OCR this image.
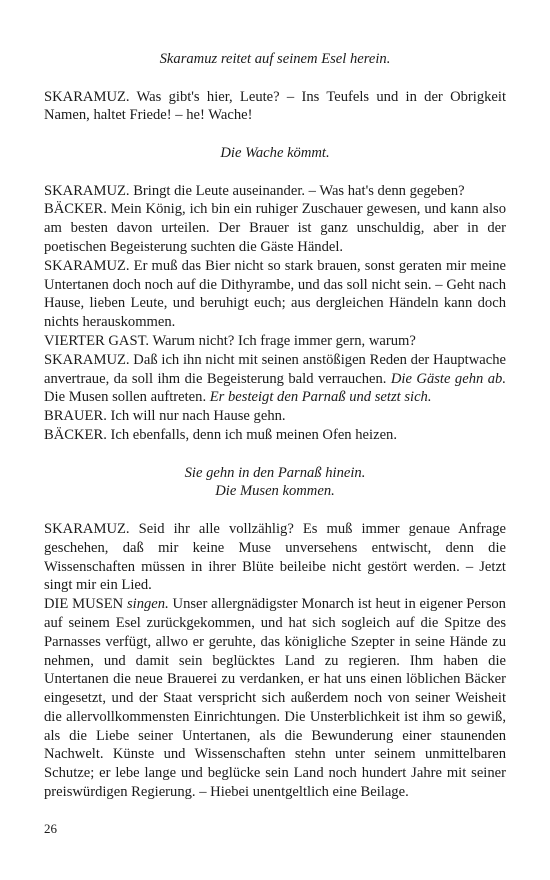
Skaramuz reitet auf seinem Esel herein.

SKARAMUZ. Was gibt's hier, Leute? – Ins Teufels und in der Obrigkeit Namen, haltet Friede! – he! Wache!

Die Wache kömmt.

SKARAMUZ. Bringt die Leute auseinander. – Was hat's denn gegeben?

BÄCKER. Mein König, ich bin ein ruhiger Zuschauer gewesen, und kann also am besten davon urteilen. Der Brauer ist ganz unschuldig, aber in der poetischen Begeisterung suchten die Gäste Händel.

SKARAMUZ. Er muß das Bier nicht so stark brauen, sonst geraten mir meine Untertanen doch noch auf die Dithyrambe, und das soll nicht sein. – Geht nach Hause, lieben Leute, und beruhigt euch; aus dergleichen Händeln kann doch nichts herauskommen.

VIERTER GAST. Warum nicht? Ich frage immer gern, warum?

SKARAMUZ. Daß ich ihn nicht mit seinen anstößigen Reden der Hauptwache anvertraue, da soll ihm die Begeisterung bald verrauchen. Die Gäste gehn ab. Die Musen sollen auftreten. Er besteigt den Parnaß und setzt sich.

BRAUER. Ich will nur nach Hause gehn.

BÄCKER. Ich ebenfalls, denn ich muß meinen Ofen heizen.

Sie gehn in den Parnaß hinein.

Die Musen kommen.

SKARAMUZ. Seid ihr alle vollzählig? Es muß immer genaue Anfrage geschehen, daß mir keine Muse unversehens entwischt, denn die Wissenschaften müssen in ihrer Blüte beileibe nicht gestört werden. – Jetzt singt mir ein Lied.

DIE MUSEN singen. Unser allergnädigster Monarch ist heut in eigener Person auf seinem Esel zurückgekommen, und hat sich sogleich auf die Spitze des Parnasses verfügt, allwo er geruhte, das königliche Szepter in seine Hände zu nehmen, und damit sein beglücktes Land zu regieren. Ihm haben die Untertanen die neue Brauerei zu verdanken, er hat uns einen löblichen Bäcker eingesetzt, und der Staat verspricht sich außerdem noch von seiner Weisheit die allervollkommensten Einrichtungen. Die Unsterblichkeit ist ihm so gewiß, als die Liebe seiner Untertanen, als die Bewunderung einer staunenden Nachwelt. Künste und Wissenschaften stehn unter seinem unmittelbaren Schutze; er lebe lange und beglücke sein Land noch hundert Jahre mit seiner preiswürdigen Regierung. – Hiebei unentgeltlich eine Beilage.

26
